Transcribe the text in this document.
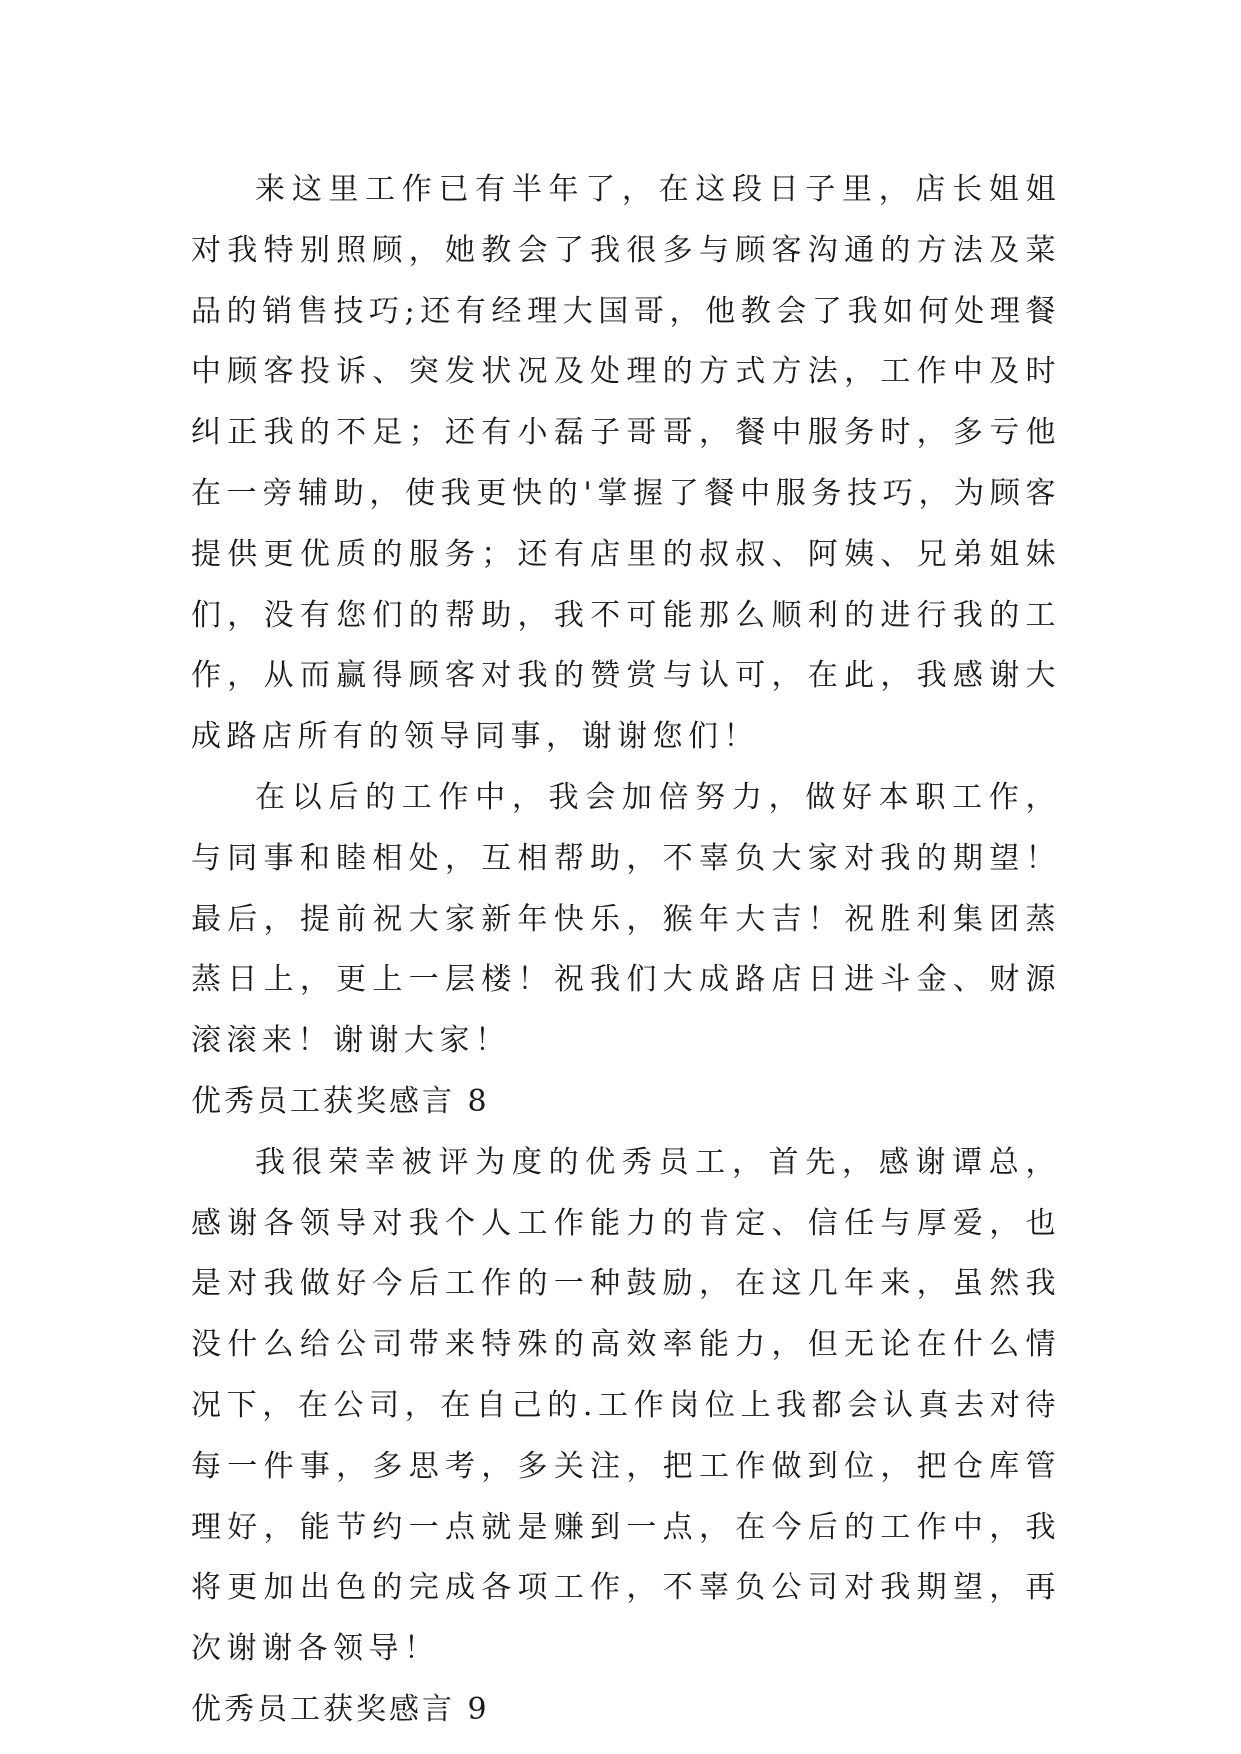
来这里工作已有半年了，在这段日子里，店长姐姐对我特别照顾，她教会了我很多与顾客沟通的方法及菜品的销售技巧;还有经理大国哥，他教会了我如何处理餐中顾客投诉、突发状况及处理的方式方法，工作中及时纠正我的不足；还有小磊子哥哥，餐中服务时，多亏他在一旁辅助，使我更快的'掌握了餐中服务技巧，为顾客提供更优质的服务；还有店里的叔叔、阿姨、兄弟姐妹们，没有您们的帮助，我不可能那么顺利的进行我的工作，从而赢得顾客对我的赞赏与认可，在此，我感谢大成路店所有的领导同事，谢谢您们！

在以后的工作中，我会加倍努力，做好本职工作，与同事和睦相处，互相帮助，不辜负大家对我的期望！最后，提前祝大家新年快乐，猴年大吉！祝胜利集团蒸蒸日上，更上一层楼！祝我们大成路店日进斗金、财源滚滚来！谢谢大家！

优秀员工获奖感言 8

我很荣幸被评为度的优秀员工，首先，感谢谭总，感谢各领导对我个人工作能力的肯定、信任与厚爱，也是对我做好今后工作的一种鼓励，在这几年来，虽然我没什么给公司带来特殊的高效率能力，但无论在什么情况下，在公司，在自己的.工作岗位上我都会认真去对待每一件事，多思考，多关注，把工作做到位，把仓库管理好，能节约一点就是赚到一点，在今后的工作中，我将更加出色的完成各项工作，不辜负公司对我期望，再次谢谢各领导！

优秀员工获奖感言 9
